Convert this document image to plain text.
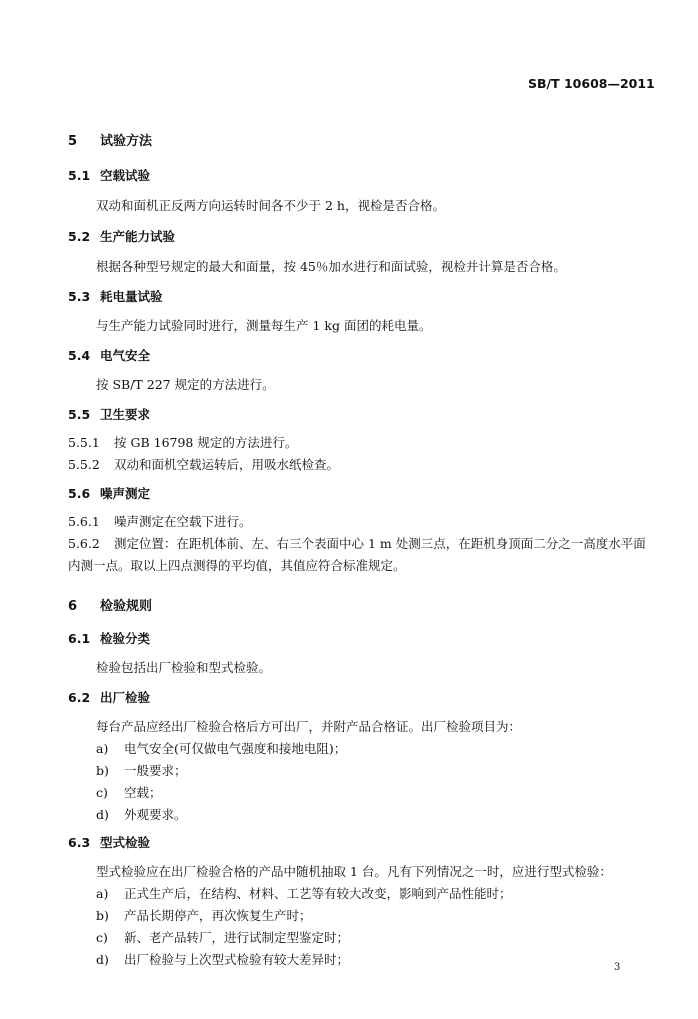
SB/T 10608—2011
5 试验方法
5.1 空载试验
双动和面机正反两方向运转时间各不少于 2 h，视检是否合格。
5.2 生产能力试验
根据各种型号规定的最大和面量，按 45％加水进行和面试验，视检并计算是否合格。
5.3 耗电量试验
与生产能力试验同时进行，测量每生产 1 kg 面团的耗电量。
5.4 电气安全
按 SB/T 227 规定的方法进行。
5.5 卫生要求
5.5.1 按 GB 16798 规定的方法进行。
5.5.2 双动和面机空载运转后，用吸水纸检查。
5.6 噪声测定
5.6.1 噪声测定在空载下进行。
5.6.2 测定位置：在距机体前、左、右三个表面中心 1 m 处测三点，在距机身顶面二分之一高度水平面
内测一点。取以上四点测得的平均值，其值应符合标准规定。
6 检验规则
6.1 检验分类
检验包括出厂检验和型式检验。
6.2 出厂检验
每台产品应经出厂检验合格后方可出厂，并附产品合格证。出厂检验项目为：
a) 电气安全(可仅做电气强度和接地电阻)；
b) 一般要求；
c) 空载；
d) 外观要求。
6.3 型式检验
型式检验应在出厂检验合格的产品中随机抽取 1 台。凡有下列情况之一时，应进行型式检验：
a) 正式生产后，在结构、材料、工艺等有较大改变，影响到产品性能时；
b) 产品长期停产，再次恢复生产时；
c) 新、老产品转厂，进行试制定型鉴定时；
d) 出厂检验与上次型式检验有较大差异时；
3
